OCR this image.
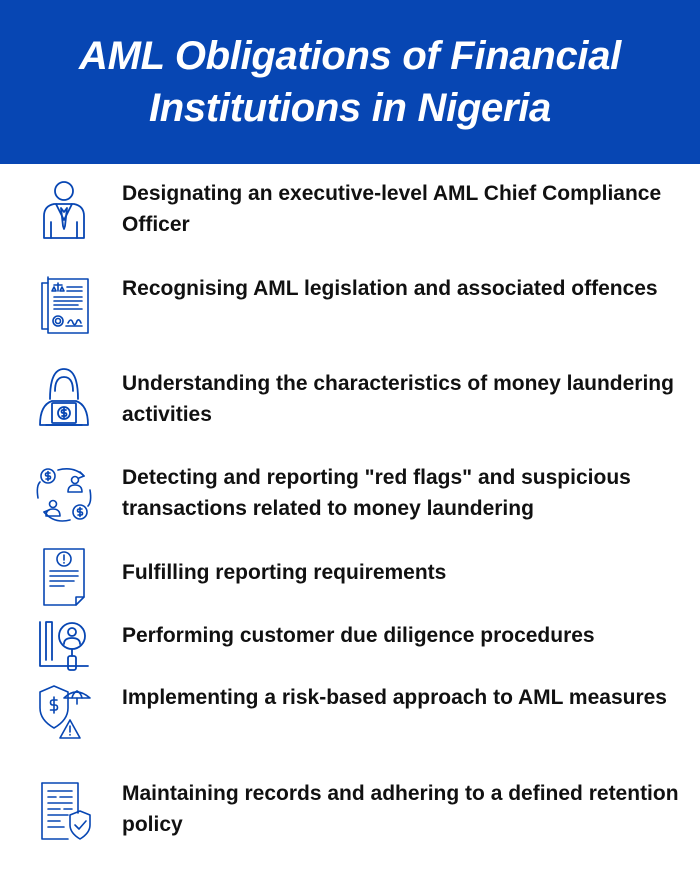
AML Obligations of Financial Institutions in Nigeria
Designating an executive-level AML Chief Compliance Officer
Recognising AML legislation and associated offences
Understanding the characteristics of money laundering activities
Detecting and reporting "red flags" and suspicious transactions related to money laundering
Fulfilling reporting requirements
Performing customer due diligence procedures
Implementing a risk-based approach to AML measures
Maintaining records and adhering to a defined retention policy
